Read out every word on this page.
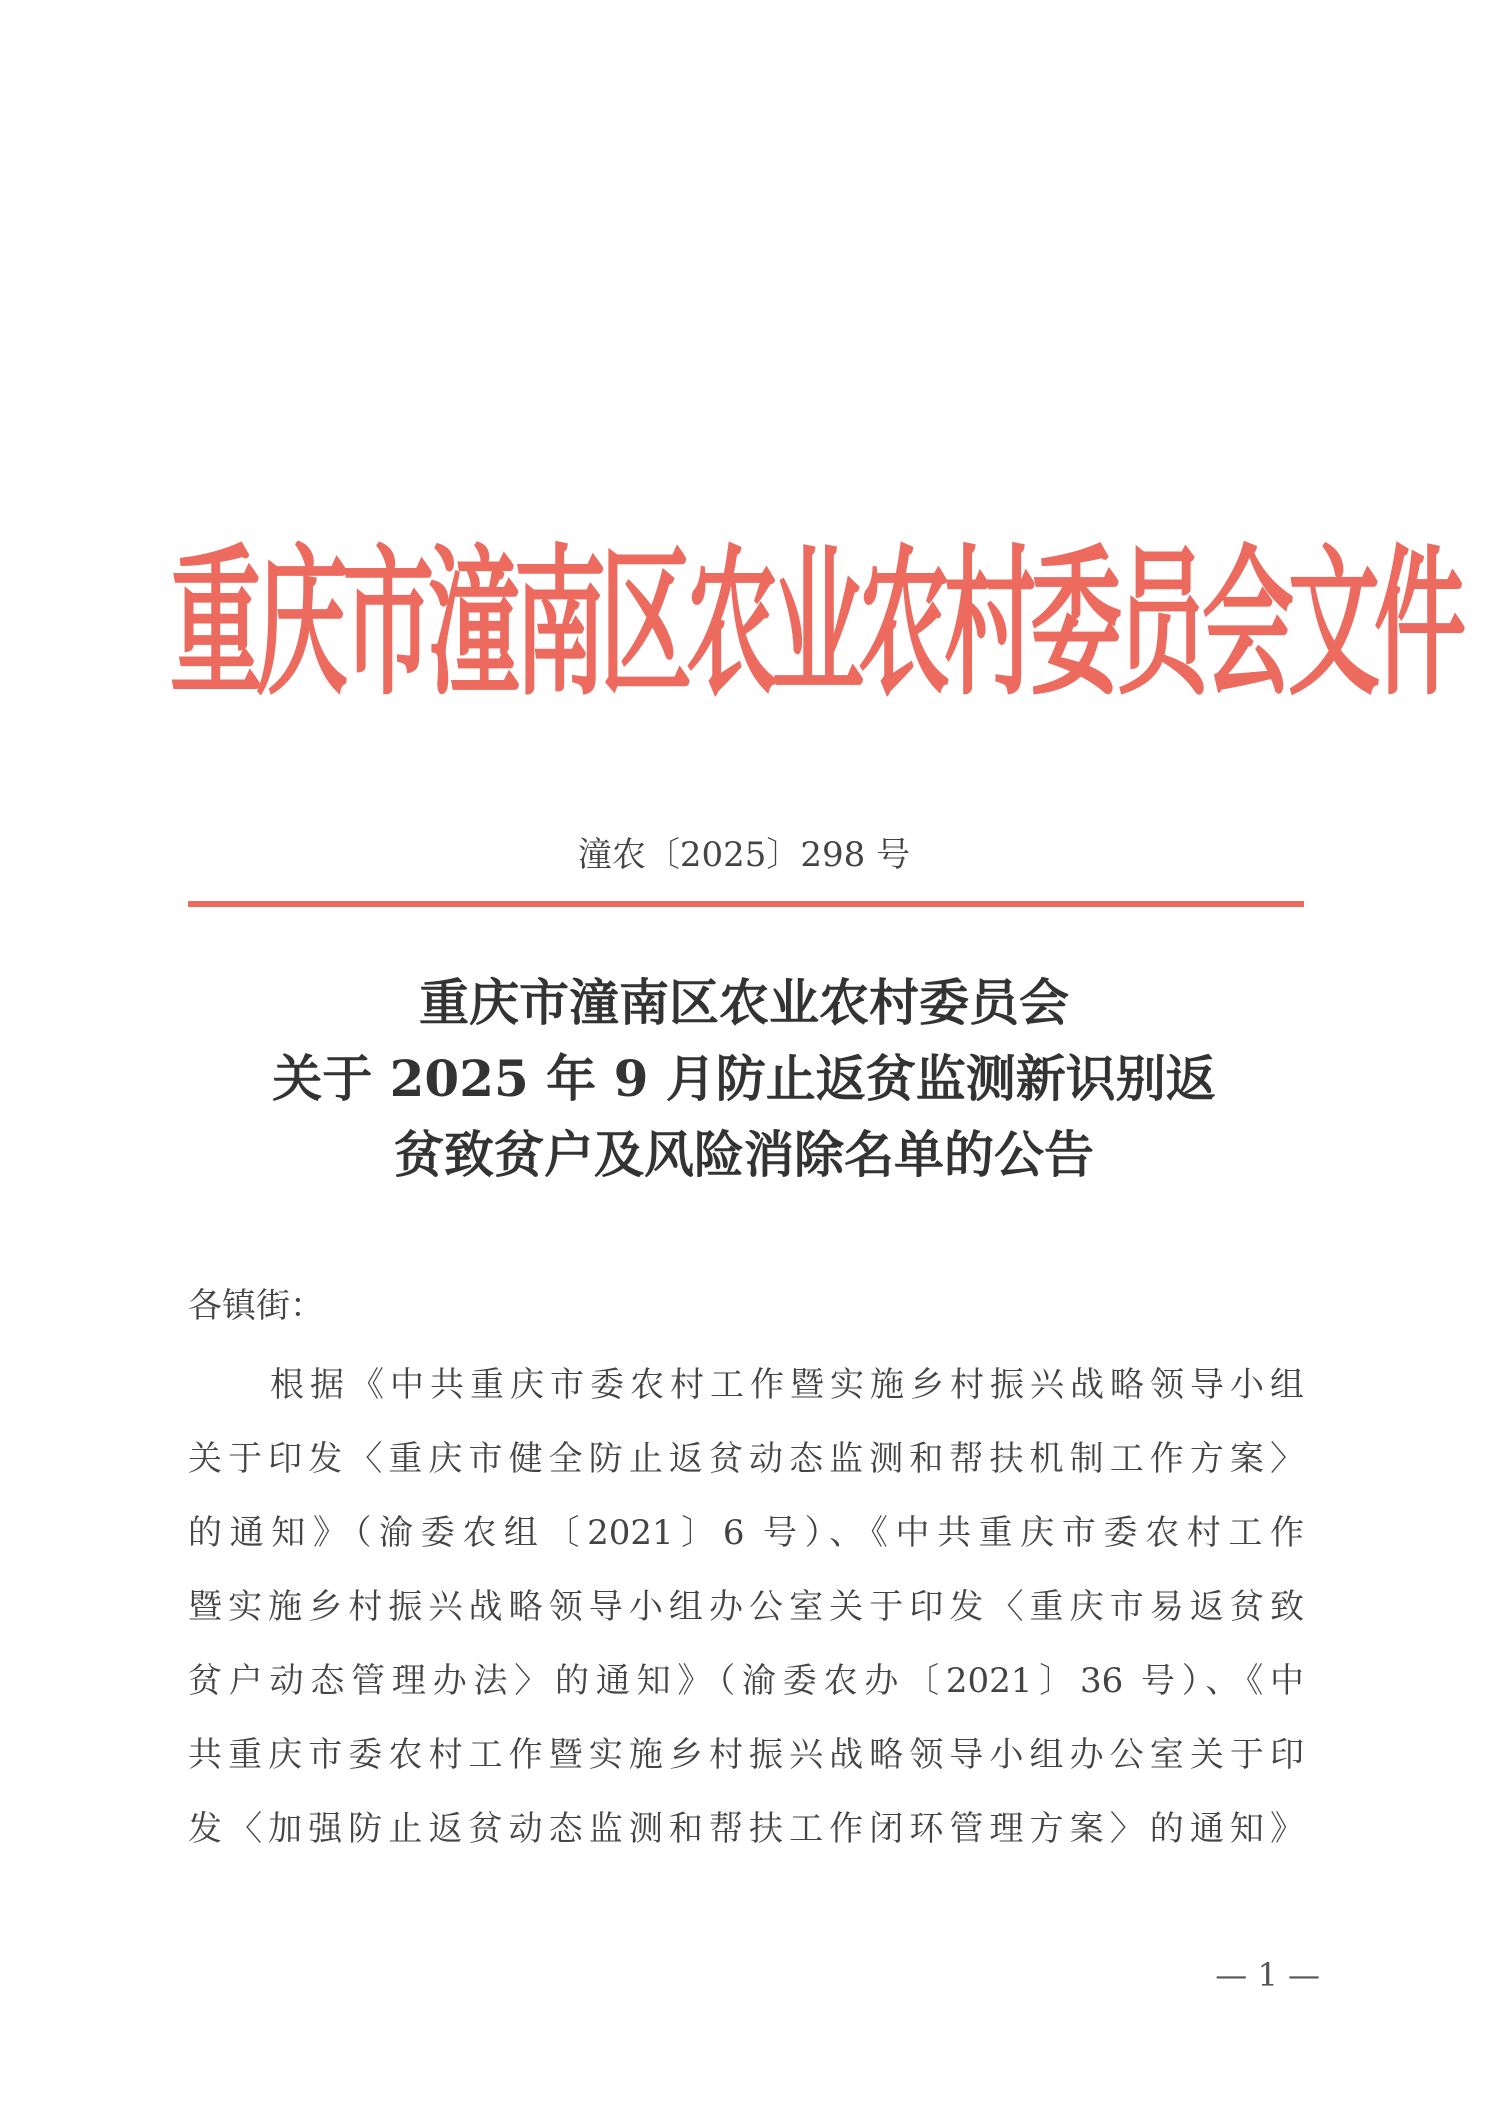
重庆市潼南区农业农村委员会文件
潼农〔2025〕298 号
重庆市潼南区农业农村委员会
关于 2025 年 9 月防止返贫监测新识别返
贫致贫户及风险消除名单的公告
各镇街：
根据《中共重庆市委农村工作暨实施乡村振兴战略领导小组
关于印发〈重庆市健全防止返贫动态监测和帮扶机制工作方案〉
的通知》（渝委农组〔2021〕6 号）、《中共重庆市委农村工作
暨实施乡村振兴战略领导小组办公室关于印发〈重庆市易返贫致
贫户动态管理办法〉的通知》（渝委农办〔2021〕36 号）、《中
共重庆市委农村工作暨实施乡村振兴战略领导小组办公室关于印
发〈加强防止返贫动态监测和帮扶工作闭环管理方案〉的通知》
— 1 —
